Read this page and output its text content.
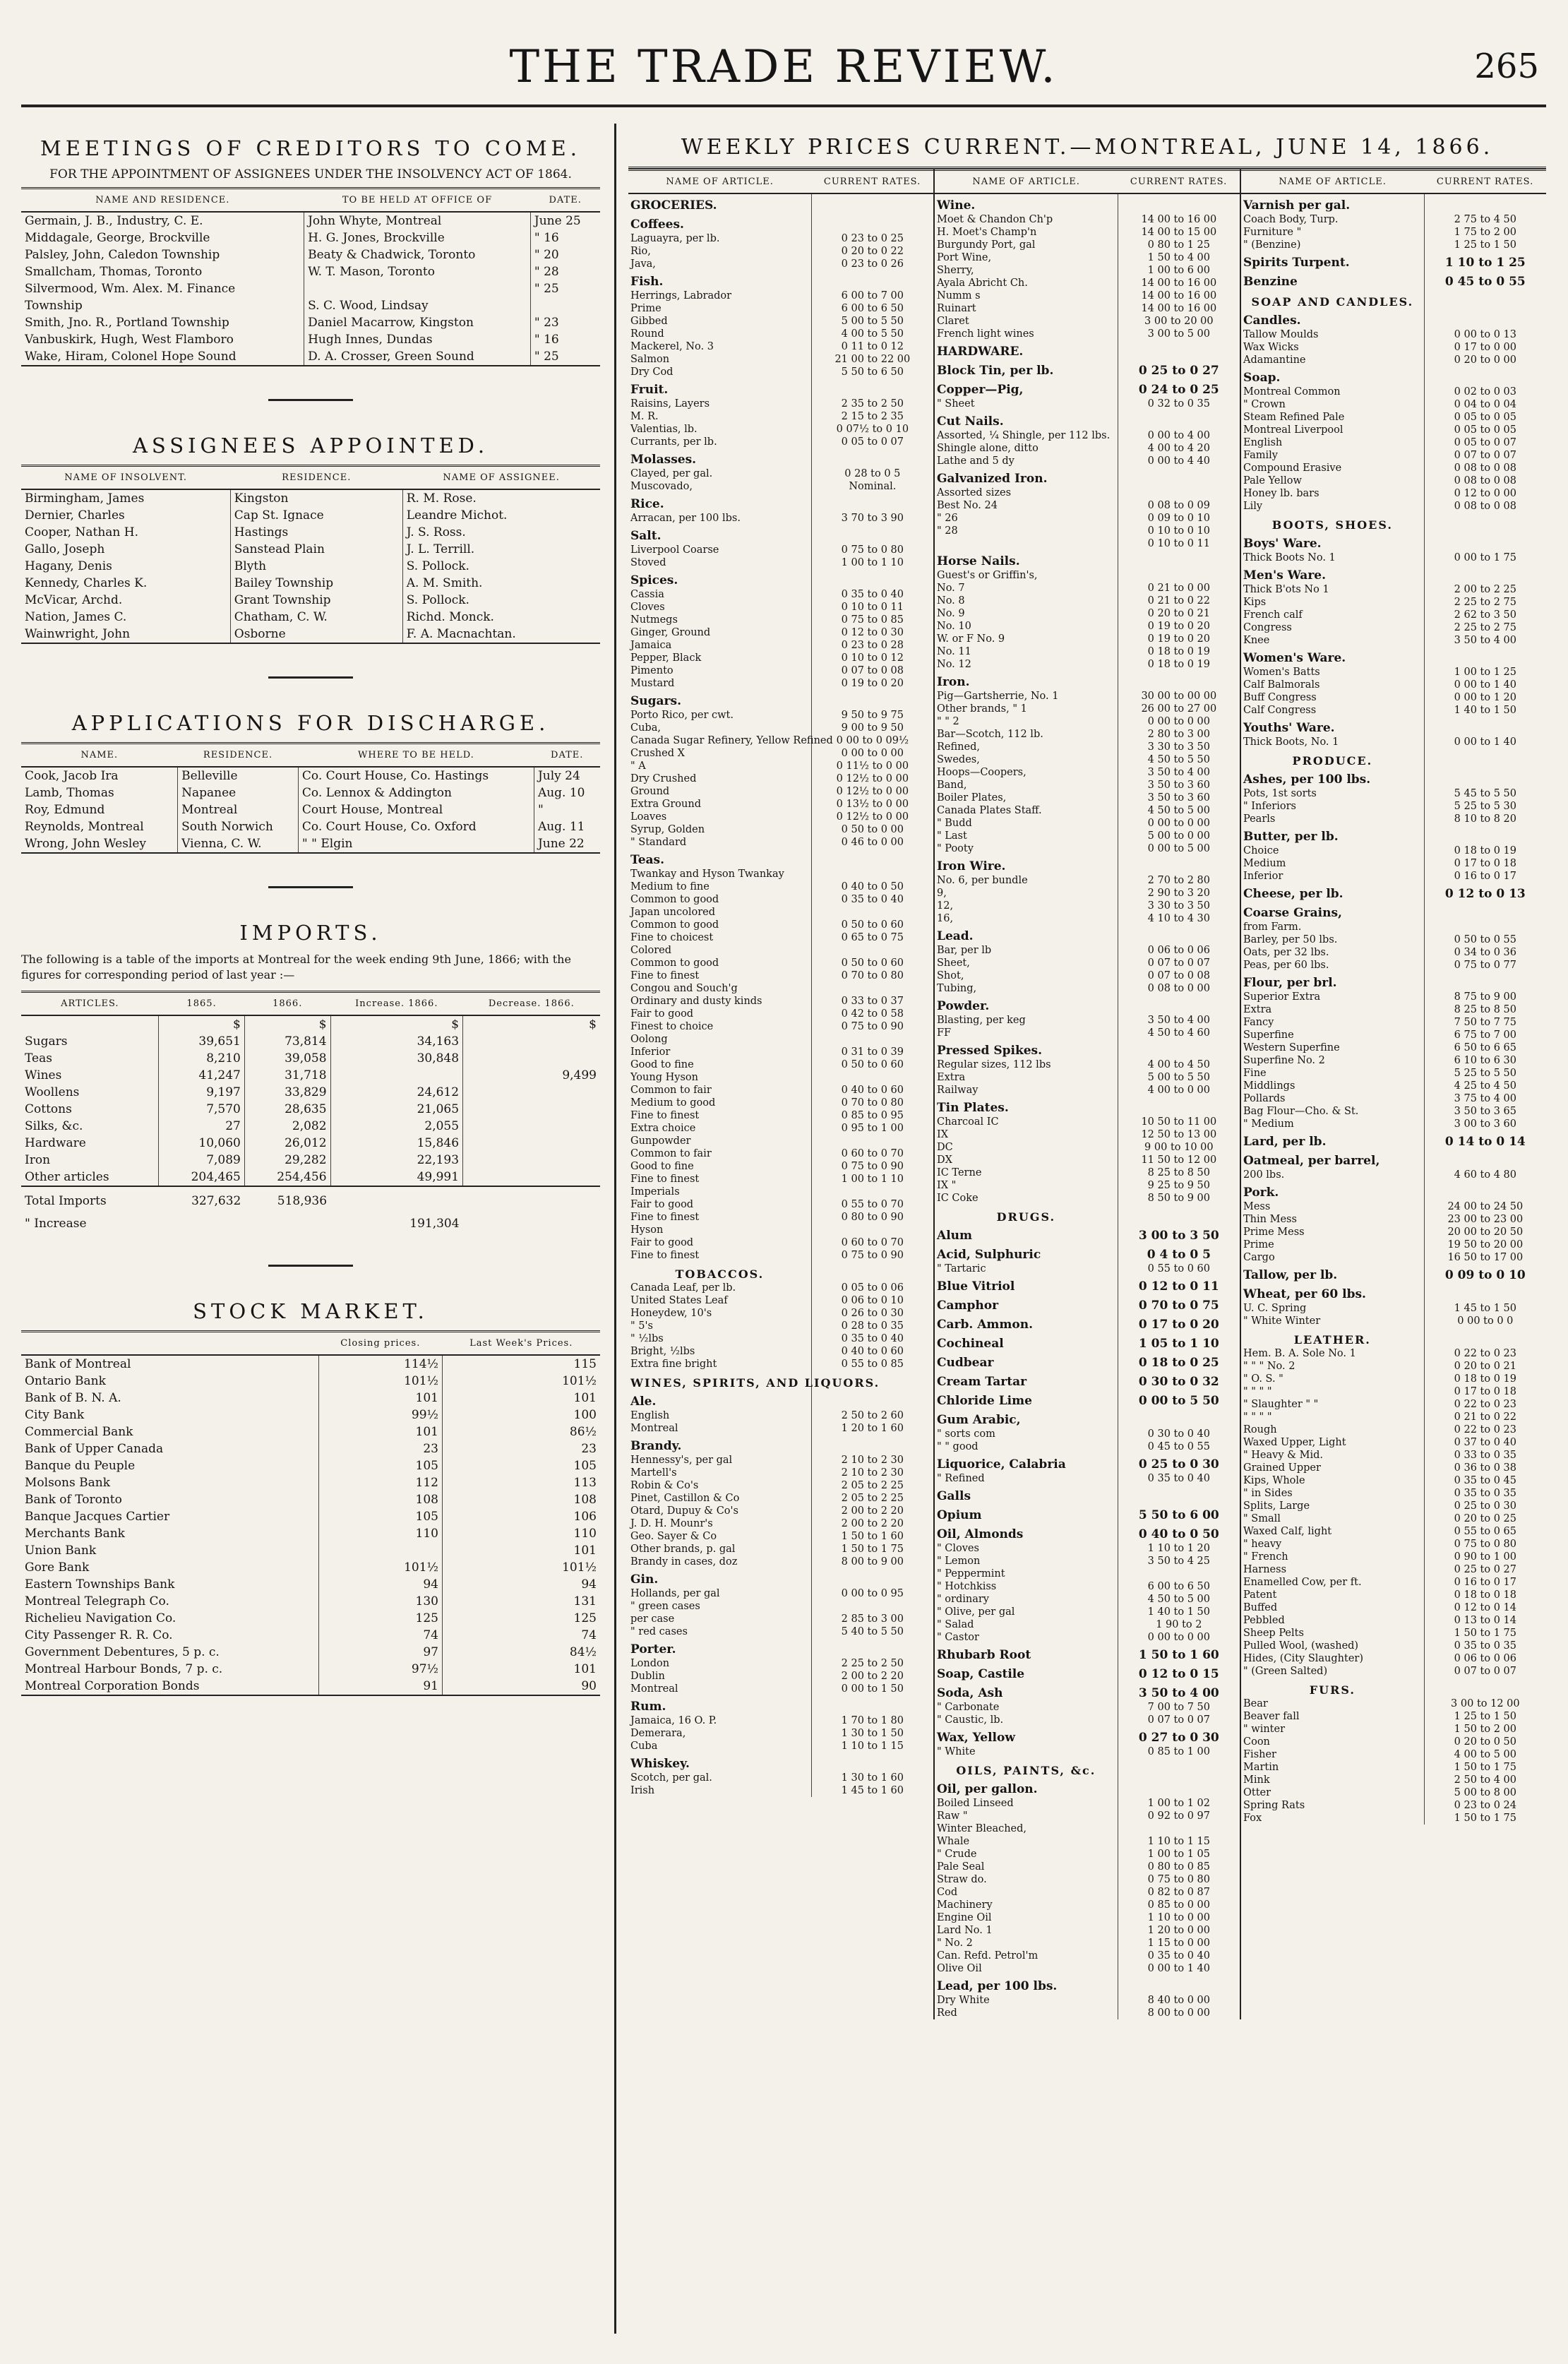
THE TRADE REVIEW.	265
MEETINGS OF CREDITORS TO COME.
FOR THE APPOINTMENT OF ASSIGNEES UNDER THE INSOLVENCY ACT OF 1864.
NAME AND RESIDENCE.	TO BE HELD AT OFFICE OF	DATE.
Germain, J. B., Industry, C. E.	John Whyte, Montreal	June 25
Middagale, George, Brockville	H. G. Jones, Brockville	" 16
Palsley, John, Caledon Township	Beaty & Chadwick, Toronto	" 20
Smallcham, Thomas, Toronto	W. T. Mason, Toronto	" 28
Silvermood, Wm. Alex. M. Finance		" 25
Township	S. C. Wood, Lindsay	
Smith, Jno. R., Portland Township	Daniel Macarrow, Kingston	" 23
Vanbuskirk, Hugh, West Flamboro	Hugh Innes, Dundas	" 16
Wake, Hiram, Colonel Hope Sound	D. A. Crosser, Green Sound	" 25
ASSIGNEES APPOINTED.
NAME OF INSOLVENT.	RESIDENCE.	NAME OF ASSIGNEE.
Birmingham, James	Kingston	R. M. Rose.
Dernier, Charles	Cap St. Ignace	Leandre Michot.
Cooper, Nathan H.	Hastings	J. S. Ross.
Gallo, Joseph	Sanstead Plain	J. L. Terrill.
Hagany, Denis	Blyth	S. Pollock.
Kennedy, Charles K.	Bailey Township	A. M. Smith.
McVicar, Archd.	Grant Township	S. Pollock.
Nation, James C.	Chatham, C. W.	Richd. Monck.
Wainwright, John	Osborne	F. A. Macnachtan.
APPLICATIONS FOR DISCHARGE.
NAME.	RESIDENCE.	WHERE TO BE HELD.	DATE.
Cook, Jacob Ira	Belleville	Co. Court House, Co. Hastings	July 24
Lamb, Thomas	Napanee	Co. Lennox & Addington	Aug. 10
Roy, Edmund	Montreal	Court House, Montreal	"
Reynolds, Montreal	South Norwich	Co. Court House, Co. Oxford	Aug. 11
Wrong, John Wesley	Vienna, C. W.	" " Elgin	June 22
IMPORTS.
The following is a table of the imports at Montreal for the week ending 9th June, 1866; with the figures for corresponding period of last year :—
ARTICLES.	1865.	1866.	Increase. 1866.	Decrease. 1866.
	$	$	$	$
Sugars	39,651	73,814	34,163	
Teas	8,210	39,058	30,848	
Wines	41,247	31,718		9,499
Woollens	9,197	33,829	24,612	
Cottons	7,570	28,635	21,065	
Silks, &c.	27	2,082	2,055	
Hardware	10,060	26,012	15,846	
Iron	7,089	29,282	22,193	
Other articles	204,465	254,456	49,991	
Total Imports	327,632	518,936		
" Increase			191,304	
STOCK MARKET.
	Closing prices.	Last Week's Prices.
Bank of Montreal	114½	115
Ontario Bank	101½	101½
Bank of B. N. A.	101	101
City Bank	99½	100
Commercial Bank	101	86½
Bank of Upper Canada	23	23
Banque du Peuple	105	105
Molsons Bank	112	113
Bank of Toronto	108	108
Banque Jacques Cartier	105	106
Merchants Bank	110	110
Union Bank		101
Gore Bank	101½	101½
Eastern Townships Bank	94	94
Montreal Telegraph Co.	130	131
Richelieu Navigation Co.	125	125
City Passenger R. R. Co.	74	74
Government Debentures, 5 p. c.	97	84½
Montreal Harbour Bonds, 7 p. c.	97½	101
Montreal Corporation Bonds	91	90
WEEKLY PRICES CURRENT.—MONTREAL, JUNE 14, 1866.
NAME OF ARTICLE.	CURRENT RATES.
GROCERIES.	
Coffees.	
Laguayra, per lb.	0 23 to 0 25
Rio,	0 20 to 0 22
Java,	0 23 to 0 26
Fish.	
Herrings, Labrador	6 00 to 7 00
Prime	6 00 to 6 50
Gibbed	5 00 to 5 50
Round	4 00 to 5 50
Mackerel, No. 3	0 11 to 0 12
Salmon	21 00 to 22 00
Dry Cod	5 50 to 6 50
Fruit.	
Raisins, Layers	2 35 to 2 50
M. R.	2 15 to 2 35
Valentias, lb.	0 07½ to 0 10
Currants, per lb.	0 05 to 0 07
Molasses.	
Clayed, per gal.	0 28 to 0 5
Muscovado,	Nominal.
Rice.	
Arracan, per 100 lbs.	3 70 to 3 90
Salt.	
Liverpool Coarse	0 75 to 0 80
Stoved	1 00 to 1 10
Spices.	
Cassia	0 35 to 0 40
Cloves	0 10 to 0 11
Nutmegs	0 75 to 0 85
Ginger, Ground	0 12 to 0 30
Jamaica	0 23 to 0 28
Pepper, Black	0 10 to 0 12
Pimento	0 07 to 0 08
Mustard	0 19 to 0 20
Sugars.	
Porto Rico, per cwt.	9 50 to 9 75
Cuba,	9 00 to 9 50
Canada Sugar Refinery, Yellow Refined	0 00 to 0 09½
Crushed X	0 00 to 0 00
" A	0 11½ to 0 00
Dry Crushed	0 12½ to 0 00
Ground	0 12½ to 0 00
Extra Ground	0 13½ to 0 00
Loaves	0 12½ to 0 00
Syrup, Golden	0 50 to 0 00
" Standard	0 46 to 0 00
Teas.	
Twankay and Hyson Twankay	
Medium to fine	0 40 to 0 50
Common to good	0 35 to 0 40
Japan uncolored	
Common to good	0 50 to 0 60
Fine to choicest	0 65 to 0 75
Colored	
Common to good	0 50 to 0 60
Fine to finest	0 70 to 0 80
Congou and Souch'g	
Ordinary and dusty kinds	0 33 to 0 37
Fair to good	0 42 to 0 58
Finest to choice	0 75 to 0 90
Oolong	
Inferior	0 31 to 0 39
Good to fine	0 50 to 0 60
Young Hyson	
Common to fair	0 40 to 0 60
Medium to good	0 70 to 0 80
Fine to finest	0 85 to 0 95
Extra choice	0 95 to 1 00
Gunpowder	
Common to fair	0 60 to 0 70
Good to fine	0 75 to 0 90
Fine to finest	1 00 to 1 10
Imperials	
Fair to good	0 55 to 0 70
Fine to finest	0 80 to 0 90
Hyson	
Fair to good	0 60 to 0 70
Fine to finest	0 75 to 0 90
TOBACCOS.	
Canada Leaf, per lb.	0 05 to 0 06
United States Leaf	0 06 to 0 10
Honeydew, 10's	0 26 to 0 30
" 5's	0 28 to 0 35
" ½lbs	0 35 to 0 40
Bright, ½lbs	0 40 to 0 60
Extra fine bright	0 55 to 0 85
WINES, SPIRITS, AND LIQUORS.	
Ale.	
English	2 50 to 2 60
Montreal	1 20 to 1 60
Brandy.	
Hennessy's, per gal	2 10 to 2 30
Martell's	2 10 to 2 30
Robin & Co's	2 05 to 2 25
Pinet, Castillon & Co	2 05 to 2 25
Otard, Dupuy & Co's	2 00 to 2 20
J. D. H. Mounr's	2 00 to 2 20
Geo. Sayer & Co	1 50 to 1 60
Other brands, p. gal	1 50 to 1 75
Brandy in cases, doz	8 00 to 9 00
Gin.	
Hollands, per gal	0 00 to 0 95
" green cases	
per case	2 85 to 3 00
" red cases	5 40 to 5 50
Porter.	
London	2 25 to 2 50
Dublin	2 00 to 2 20
Montreal	0 00 to 1 50
Rum.	
Jamaica, 16 O. P.	1 70 to 1 80
Demerara,	1 30 to 1 50
Cuba	1 10 to 1 15
Whiskey.	
Scotch, per gal.	1 30 to 1 60
Irish	1 45 to 1 60
NAME OF ARTICLE.	CURRENT RATES.
Wine.	
Moet & Chandon Ch'p	14 00 to 16 00
H. Moet's Champ'n	14 00 to 15 00
Burgundy Port, gal	0 80 to 1 25
Port Wine,	1 50 to 4 00
Sherry,	1 00 to 6 00
Ayala Abricht Ch.	14 00 to 16 00
Numm s	14 00 to 16 00
Ruinart	14 00 to 16 00
Claret	3 00 to 20 00
French light wines	3 00 to 5 00
HARDWARE.	
Block Tin, per lb.	0 25 to 0 27
Copper—Pig,	0 24 to 0 25
" Sheet	0 32 to 0 35
Cut Nails.	
Assorted, ¼ Shingle, per 112 lbs.	0 00 to 4 00
Shingle alone, ditto	4 00 to 4 20
Lathe and 5 dy	0 00 to 4 40
Galvanized Iron.	
Assorted sizes	
Best No. 24	0 08 to 0 09
" 26	0 09 to 0 10
" 28	0 10 to 0 10
	0 10 to 0 11
Horse Nails.	
Guest's or Griffin's,	
No. 7	0 21 to 0 00
No. 8	0 21 to 0 22
No. 9	0 20 to 0 21
No. 10	0 19 to 0 20
W. or F No. 9	0 19 to 0 20
No. 11	0 18 to 0 19
No. 12	0 18 to 0 19
Iron.	
Pig—Gartsherrie, No. 1	30 00 to 00 00
Other brands, " 1	26 00 to 27 00
" " 2	0 00 to 0 00
Bar—Scotch, 112 lb.	2 80 to 3 00
Refined,	3 30 to 3 50
Swedes,	4 50 to 5 50
Hoops—Coopers,	3 50 to 4 00
Band,	3 50 to 3 60
Boiler Plates,	3 50 to 3 60
Canada Plates Staff.	4 50 to 5 00
" Budd	0 00 to 0 00
" Last	5 00 to 0 00
" Pooty	0 00 to 5 00
Iron Wire.	
No. 6, per bundle	2 70 to 2 80
9,	2 90 to 3 20
12,	3 30 to 3 50
16,	4 10 to 4 30
Lead.	
Bar, per lb	0 06 to 0 06
Sheet,	0 07 to 0 07
Shot,	0 07 to 0 08
Tubing,	0 08 to 0 00
Powder.	
Blasting, per keg	3 50 to 4 00
FF	4 50 to 4 60
Pressed Spikes.	
Regular sizes, 112 lbs	4 00 to 4 50
Extra	5 00 to 5 50
Railway	4 00 to 0 00
Tin Plates.	
Charcoal IC	10 50 to 11 00
IX	12 50 to 13 00
DC	9 00 to 10 00
DX	11 50 to 12 00
IC Terne	8 25 to 8 50
IX "	9 25 to 9 50
IC Coke	8 50 to 9 00
DRUGS.	
Alum	3 00 to 3 50
Acid, Sulphuric	0 4 to 0 5
" Tartaric	0 55 to 0 60
Blue Vitriol	0 12 to 0 11
Camphor	0 70 to 0 75
Carb. Ammon.	0 17 to 0 20
Cochineal	1 05 to 1 10
Cudbear	0 18 to 0 25
Cream Tartar	0 30 to 0 32
Chloride Lime	0 00 to 5 50
Gum Arabic,	
" sorts com	0 30 to 0 40
" " good	0 45 to 0 55
Liquorice, Calabria	0 25 to 0 30
" Refined	0 35 to 0 40
Galls	
Opium	5 50 to 6 00
Oil, Almonds	0 40 to 0 50
" Cloves	1 10 to 1 20
" Lemon	3 50 to 4 25
" Peppermint	
" Hotchkiss	6 00 to 6 50
" ordinary	4 50 to 5 00
" Olive, per gal	1 40 to 1 50
" Salad	1 90 to 2
" Castor	0 00 to 0 00
Rhubarb Root	1 50 to 1 60
Soap, Castile	0 12 to 0 15
Soda, Ash	3 50 to 4 00
" Carbonate	7 00 to 7 50
" Caustic, lb.	0 07 to 0 07
Wax, Yellow	0 27 to 0 30
" White	0 85 to 1 00
OILS, PAINTS, &c.	
Oil, per gallon.	
Boiled Linseed	1 00 to 1 02
Raw "	0 92 to 0 97
Winter Bleached,	
Whale	1 10 to 1 15
" Crude	1 00 to 1 05
Pale Seal	0 80 to 0 85
Straw do.	0 75 to 0 80
Cod	0 82 to 0 87
Machinery	0 85 to 0 00
Engine Oil	1 10 to 0 00
Lard No. 1	1 20 to 0 00
" No. 2	1 15 to 0 00
Can. Refd. Petrol'm	0 35 to 0 40
Olive Oil	0 00 to 1 40
Lead, per 100 lbs.	
Dry White	8 40 to 0 00
Red	8 00 to 0 00
NAME OF ARTICLE.	CURRENT RATES.
Varnish per gal.	
Coach Body, Turp.	2 75 to 4 50
Furniture "	1 75 to 2 00
" (Benzine)	1 25 to 1 50
Spirits Turpent.	1 10 to 1 25
Benzine	0 45 to 0 55
SOAP AND CANDLES.	
Candles.	
Tallow Moulds	0 00 to 0 13
Wax Wicks	0 17 to 0 00
Adamantine	0 20 to 0 00
Soap.	
Montreal Common	0 02 to 0 03
" Crown	0 04 to 0 04
Steam Refined Pale	0 05 to 0 05
Montreal Liverpool	0 05 to 0 05
English	0 05 to 0 07
Family	0 07 to 0 07
Compound Erasive	0 08 to 0 08
Pale Yellow	0 08 to 0 08
Honey lb. bars	0 12 to 0 00
Lily	0 08 to 0 08
BOOTS, SHOES.	
Boys' Ware.	
Thick Boots No. 1	0 00 to 1 75
Men's Ware.	
Thick B'ots No 1	2 00 to 2 25
Kips	2 25 to 2 75
French calf	2 62 to 3 50
Congress	2 25 to 2 75
Knee	3 50 to 4 00
Women's Ware.	
Women's Batts	1 00 to 1 25
Calf Balmorals	0 00 to 1 40
Buff Congress	0 00 to 1 20
Calf Congress	1 40 to 1 50
Youths' Ware.	
Thick Boots, No. 1	0 00 to 1 40
PRODUCE.	
Ashes, per 100 lbs.	
Pots, 1st sorts	5 45 to 5 50
" Inferiors	5 25 to 5 30
Pearls	8 10 to 8 20
Butter, per lb.	
Choice	0 18 to 0 19
Medium	0 17 to 0 18
Inferior	0 16 to 0 17
Cheese, per lb.	0 12 to 0 13
Coarse Grains,	
from Farm.	
Barley, per 50 lbs.	0 50 to 0 55
Oats, per 32 lbs.	0 34 to 0 36
Peas, per 60 lbs.	0 75 to 0 77
Flour, per brl.	
Superior Extra	8 75 to 9 00
Extra	8 25 to 8 50
Fancy	7 50 to 7 75
Superfine	6 75 to 7 00
Western Superfine	6 50 to 6 65
Superfine No. 2	6 10 to 6 30
Fine	5 25 to 5 50
Middlings	4 25 to 4 50
Pollards	3 75 to 4 00
Bag Flour—Cho. & St.	3 50 to 3 65
" Medium	3 00 to 3 60
Lard, per lb.	0 14 to 0 14
Oatmeal, per barrel,	
200 lbs.	4 60 to 4 80
Pork.	
Mess	24 00 to 24 50
Thin Mess	23 00 to 23 00
Prime Mess	20 00 to 20 50
Prime	19 50 to 20 00
Cargo	16 50 to 17 00
Tallow, per lb.	0 09 to 0 10
Wheat, per 60 lbs.	
U. C. Spring	1 45 to 1 50
" White Winter	0 00 to 0 0
LEATHER.	
Hem. B. A. Sole No. 1	0 22 to 0 23
" " " No. 2	0 20 to 0 21
" O. S. "	0 18 to 0 19
" " " "	0 17 to 0 18
" Slaughter " "	0 22 to 0 23
" " " "	0 21 to 0 22
Rough	0 22 to 0 23
Waxed Upper, Light	0 37 to 0 40
" Heavy & Mid.	0 33 to 0 35
Grained Upper	0 36 to 0 38
Kips, Whole	0 35 to 0 45
" in Sides	0 35 to 0 35
Splits, Large	0 25 to 0 30
" Small	0 20 to 0 25
Waxed Calf, light	0 55 to 0 65
" heavy	0 75 to 0 80
" French	0 90 to 1 00
Harness	0 25 to 0 27
Enamelled Cow, per ft.	0 16 to 0 17
Patent	0 18 to 0 18
Buffed	0 12 to 0 14
Pebbled	0 13 to 0 14
Sheep Pelts	1 50 to 1 75
Pulled Wool, (washed)	0 35 to 0 35
Hides, (City Slaughter)	0 06 to 0 06
" (Green Salted)	0 07 to 0 07
FURS.	
Bear	3 00 to 12 00
Beaver fall	1 25 to 1 50
" winter	1 50 to 2 00
Coon	0 20 to 0 50
Fisher	4 00 to 5 00
Martin	1 50 to 1 75
Mink	2 50 to 4 00
Otter	5 00 to 8 00
Spring Rats	0 23 to 0 24
Fox	1 50 to 1 75
